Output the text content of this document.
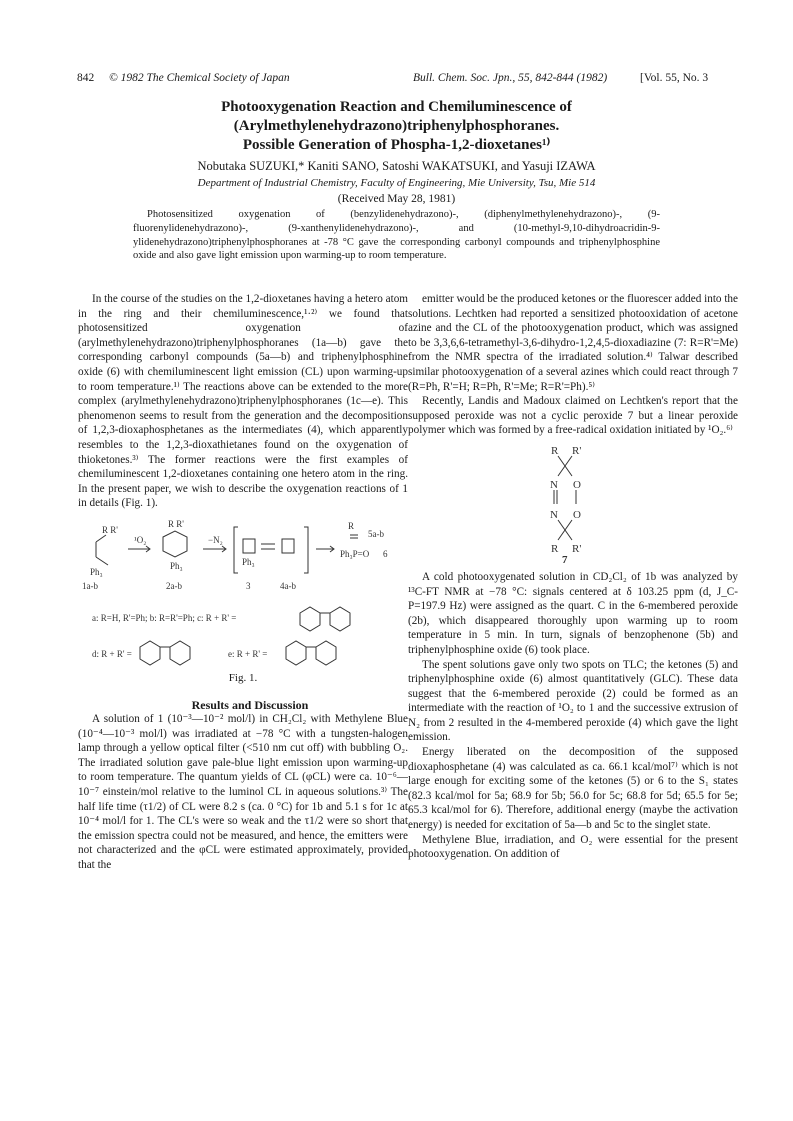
842 © 1982 The Chemical Society of Japan	Bull. Chem. Soc. Jpn., 55, 842-844 (1982)	[Vol. 55, No. 3
Photooxygenation Reaction and Chemiluminescence of
(Arylmethylenehydrazono)triphenylphosphoranes.
Possible Generation of Phospha-1,2-dioxetanes¹⁾
Nobutaka SUZUKI,* Kaniti SANO, Satoshi WAKATSUKI, and Yasuji IZAWA
Department of Industrial Chemistry, Faculty of Engineering, Mie University, Tsu, Mie 514
(Received May 28, 1981)
Photosensitized oxygenation of (benzylidenehydrazono)-, (diphenylmethylenehydrazono)-, (9-fluorenylidenehydrazono)-, (9-xanthenylidenehydrazono)-, and (10-methyl-9,10-dihydroacridin-9-ylidenehydrazono)triphenylphosphoranes at -78 °C gave the corresponding carbonyl compounds and triphenylphosphine oxide and also gave light emission upon warming-up to room temperature.

In the course of the studies on the 1,2-dioxetanes having a hetero atom in the ring and their chemiluminescence,¹·²⁾ we found that photosensitized oxygenation of (arylmethylenehydrazono)triphenylphosphoranes (1a—b) gave the corresponding carbonyl compounds (5a—b) and triphenylphosphine oxide (6) with chemiluminescent light emission (CL) upon warming-up to room temperature.¹⁾ The reactions above can be extended to the more complex (arylmethylenehydrazono)triphenylphosphoranes (1c—e). This phenomenon seems to result from the generation and the decomposition of 1,2,3-dioxaphosphetanes as the intermediates (4), which apparently resembles to the 1,2,3-dioxathietanes found on the oxygenation of thioketones.³⁾ The former reactions were the first examples of chemiluminescent 1,2-dioxetanes containing one hetero atom in the ring. In the present paper, we wish to describe the oxygenation reactions of 1 in details (Fig. 1).

R R'
Ph₃
¹O₂
R R'
Ph₃
−N₂
Ph₃
R
Ph₃P=O
1a-b	2a-b	3	4a-b
5a-b
6
a: R=H, R'=Ph; b: R=R'=Ph; c: R + R' =
d: R + R' =	e: R + R' =
Fig. 1.

Results and Discussion

A solution of 1 (10⁻³—10⁻² mol/l) in CH₂Cl₂ with Methylene Blue (10⁻⁴—10⁻³ mol/l) was irradiated at −78 °C with a tungsten-halogen lamp through a yellow optical filter (<510 nm cut off) with bubbling O₂. The irradiated solution gave pale-blue light emission upon warming-up to room temperature. The quantum yields of CL (φCL) were ca. 10⁻⁶—10⁻⁷ einstein/mol relative to the luminol CL in aqueous solutions.³⁾ The half life time (τ1/2) of CL were 8.2 s (ca. 0 °C) for 1b and 5.1 s for 1c at 10⁻⁴ mol/l for 1. The CL's were so weak and the τ1/2 were so short that the emission spectra could not be measured, and hence, the emitters were not characterized and the φCL were estimated approximately, provided that the

emitter would be the produced ketones or the fluorescer added into the solutions. Lechtken had reported a sensitized photooxidation of acetone azine and the CL of the photooxygenation product, which was assigned to be 3,3,6,6-tetramethyl-3,6-dihydro-1,2,4,5-dioxadiazine (7: R=R'=Me) from the NMR spectra of the irradiated solution.⁴⁾ Talwar described similar photooxygenation of a several azines which could react through 7 (R=Ph, R'=H; R=Ph, R'=Me; R=R'=Ph).⁵⁾

Recently, Landis and Madoux claimed on Lechtken's report that the supposed peroxide was not a cyclic peroxide 7 but a linear peroxide polymer which was formed by a free-radical oxidation initiated by ¹O₂.⁶⁾

R R'
N O
N O
R R'
7

A cold photooxygenated solution in CD₂Cl₂ of 1b was analyzed by ¹³C-FT NMR at −78 °C: signals centered at δ 103.25 ppm (d, J_C-P=197.9 Hz) were assigned as the quart. C in the 6-membered peroxide (2b), which disappeared thoroughly upon warming up to room temperature in 5 min. In turn, signals of benzophenone (5b) and triphenylphosphine oxide (6) took place.

The spent solutions gave only two spots on TLC; the ketones (5) and triphenylphosphine oxide (6) almost quantitatively (GLC). These data suggest that the 6-membered peroxide (2) could be formed as an intermediate with the reaction of ¹O₂ to 1 and the successive extrusion of N₂ from 2 resulted in the 4-membered peroxide (4) which gave the light emission.

Energy liberated on the decomposition of the supposed dioxaphosphetane (4) was calculated as ca. 66.1 kcal/mol⁷⁾ which is not large enough for exciting some of the ketones (5) or 6 to the S₁ states (82.3 kcal/mol for 5a; 68.9 for 5b; 56.0 for 5c; 68.8 for 5d; 65.5 for 5e; 65.3 kcal/mol for 6). Therefore, additional energy (maybe the activation energy) is needed for excitation of 5a—b and 5c to the singlet state.

Methylene Blue, irradiation, and O₂ were essential for the present photooxygenation. On addition of
